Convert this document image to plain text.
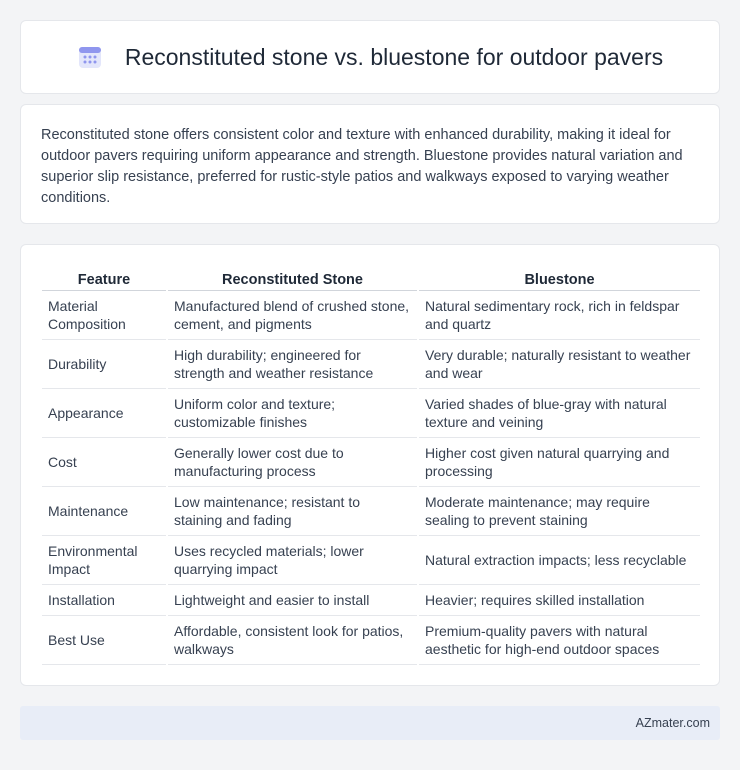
Reconstituted stone vs. bluestone for outdoor pavers

Reconstituted stone offers consistent color and texture with enhanced durability, making it ideal for outdoor pavers requiring uniform appearance and strength. Bluestone provides natural variation and superior slip resistance, preferred for rustic-style patios and walkways exposed to varying weather conditions.

Feature	Reconstituted Stone	Bluestone
Material Composition	Manufactured blend of crushed stone, cement, and pigments	Natural sedimentary rock, rich in feldspar and quartz
Durability	High durability; engineered for strength and weather resistance	Very durable; naturally resistant to weather and wear
Appearance	Uniform color and texture; customizable finishes	Varied shades of blue-gray with natural texture and veining
Cost	Generally lower cost due to manufacturing process	Higher cost given natural quarrying and processing
Maintenance	Low maintenance; resistant to staining and fading	Moderate maintenance; may require sealing to prevent staining
Environmental Impact	Uses recycled materials; lower quarrying impact	Natural extraction impacts; less recyclable
Installation	Lightweight and easier to install	Heavier; requires skilled installation
Best Use	Affordable, consistent look for patios, walkways	Premium-quality pavers with natural aesthetic for high-end outdoor spaces
AZmater.com
